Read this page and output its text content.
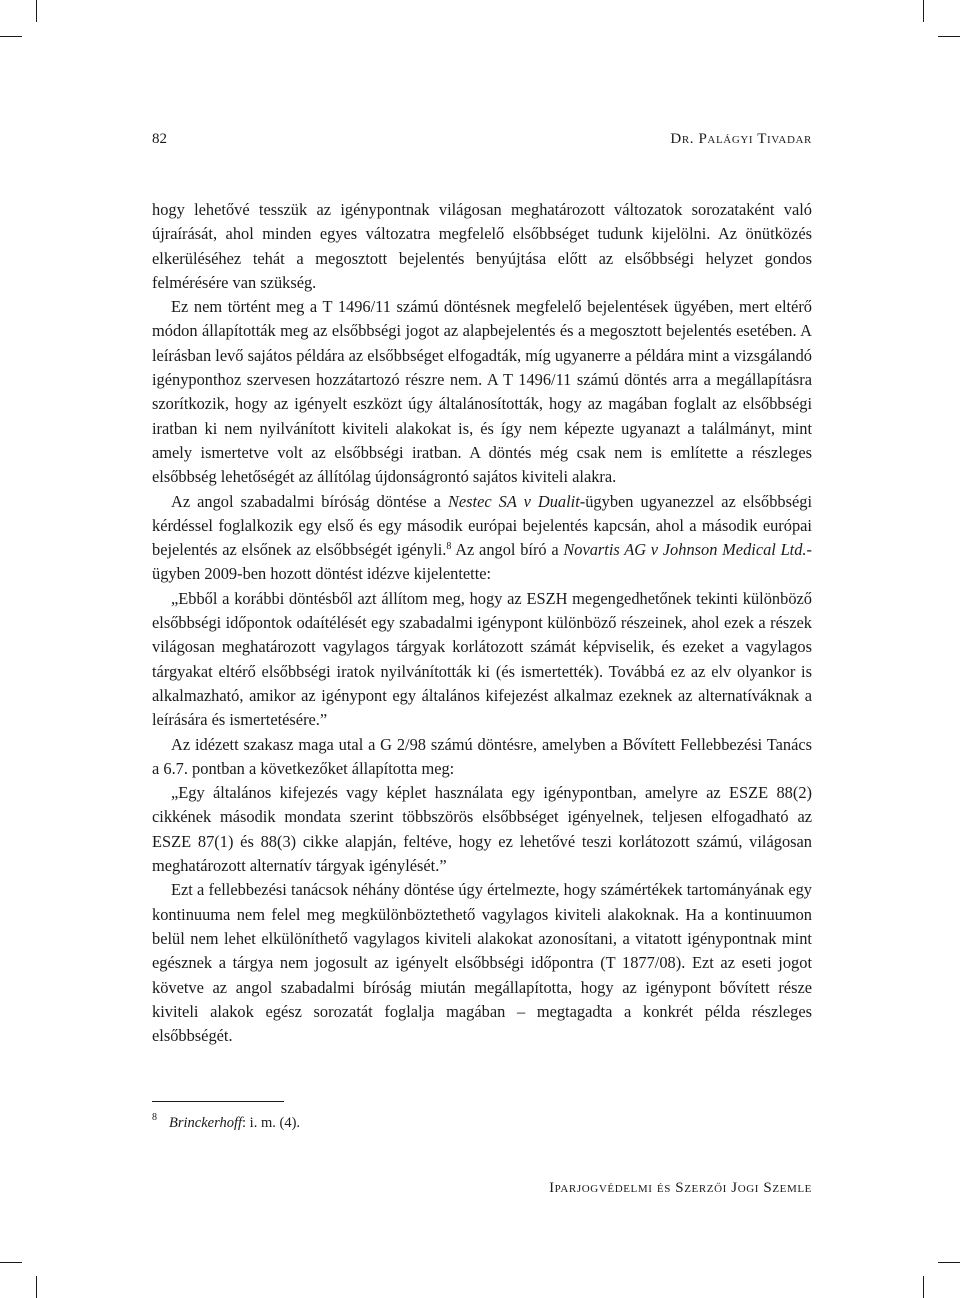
82	Dr. Palágyi Tivadar

hogy lehetővé tesszük az igénypontnak világosan meghatározott változatok sorozataként való újraírását, ahol minden egyes változatra megfelelő elsőbbséget tudunk kijelölni. Az önütközés elkerüléséhez tehát a megosztott bejelentés benyújtása előtt az elsőbbségi helyzet gondos felmérésére van szükség.

Ez nem történt meg a T 1496/11 számú döntésnek megfelelő bejelentések ügyében, mert eltérő módon állapították meg az elsőbbségi jogot az alapbejelentés és a megosztott bejelentés esetében. A leírásban levő sajátos példára az elsőbbséget elfogadták, míg ugyanerre a példára mint a vizsgálandó igényponthoz szervesen hozzátartozó részre nem. A T 1496/11 számú döntés arra a megállapításra szorítkozik, hogy az igényelt eszközt úgy általánosították, hogy az magában foglalt az elsőbbségi iratban ki nem nyilvánított kiviteli alakokat is, és így nem képezte ugyanazt a találmányt, mint amely ismertetve volt az elsőbbségi iratban. A döntés még csak nem is említette a részleges elsőbbség lehetőségét az állítólag újdonságrontó sajátos kiviteli alakra.

Az angol szabadalmi bíróság döntése a Nestec SA v Dualit-ügyben ugyanezzel az elsőbbségi kérdéssel foglalkozik egy első és egy második európai bejelentés kapcsán, ahol a második európai bejelentés az elsőnek az elsőbbségét igényli.$^8$ Az angol bíró a Novartis AG v Johnson Medical Ltd.-ügyben 2009-ben hozott döntést idézve kijelentette:

„Ebből a korábbi döntésből azt állítom meg, hogy az ESZH megengedhetőnek tekinti különböző elsőbbségi időpontok odaítélését egy szabadalmi igénypont különböző részeinek, ahol ezek a részek világosan meghatározott vagylagos tárgyak korlátozott számát képviselik, és ezeket a vagylagos tárgyakat eltérő elsőbbségi iratok nyilvánították ki (és ismertették). Továbbá ez az elv olyankor is alkalmazható, amikor az igénypont egy általános kifejezést alkalmaz ezeknek az alternatíváknak a leírására és ismertetésére.”

Az idézett szakasz maga utal a G 2/98 számú döntésre, amelyben a Bővített Fellebbezési Tanács a 6.7. pontban a következőket állapította meg:

„Egy általános kifejezés vagy képlet használata egy igénypontban, amelyre az ESZE 88(2) cikkének második mondata szerint többszörös elsőbbséget igényelnek, teljesen elfogadható az ESZE 87(1) és 88(3) cikke alapján, feltéve, hogy ez lehetővé teszi korlátozott számú, világosan meghatározott alternatív tárgyak igénylését.”

Ezt a fellebbezési tanácsok néhány döntése úgy értelmezte, hogy számértékek tartományának egy kontinuuma nem felel meg megkülönböztethető vagylagos kiviteli alakoknak. Ha a kontinuumon belül nem lehet elkülöníthető vagylagos kiviteli alakokat azonosítani, a vitatott igénypontnak mint egésznek a tárgya nem jogosult az igényelt elsőbbségi időpontra (T 1877/08). Ezt az eseti jogot követve az angol szabadalmi bíróság miután megállapította, hogy az igénypont bővített része kiviteli alakok egész sorozatát foglalja magában – megtagadta a konkrét példa részleges elsőbbségét.

$^8$ Brinckerhoff: i. m. (4).
Iparjogvédelmi és Szerzői Jogi Szemle
